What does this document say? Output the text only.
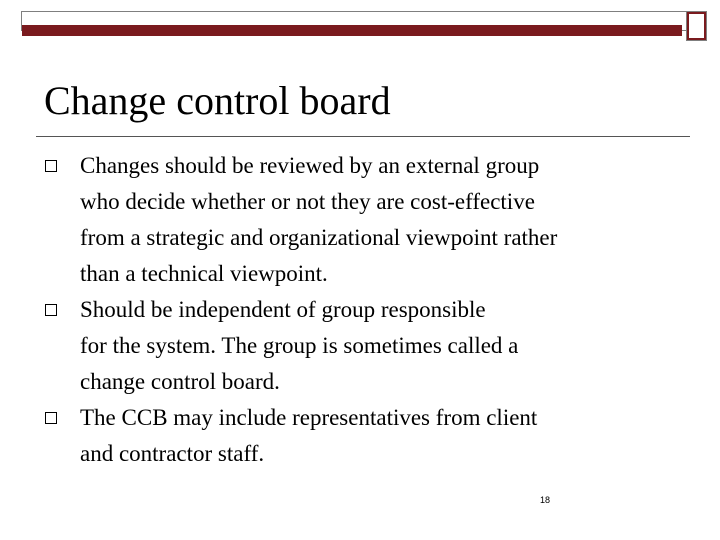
Change control board
Changes should be reviewed by an external group
who decide whether or not they are cost-effective
from a strategic and organizational viewpoint rather
than a technical viewpoint.
Should be independent of group responsible
for the system. The group is sometimes called a
change control board.
The CCB may include representatives from client
and contractor staff.
18
